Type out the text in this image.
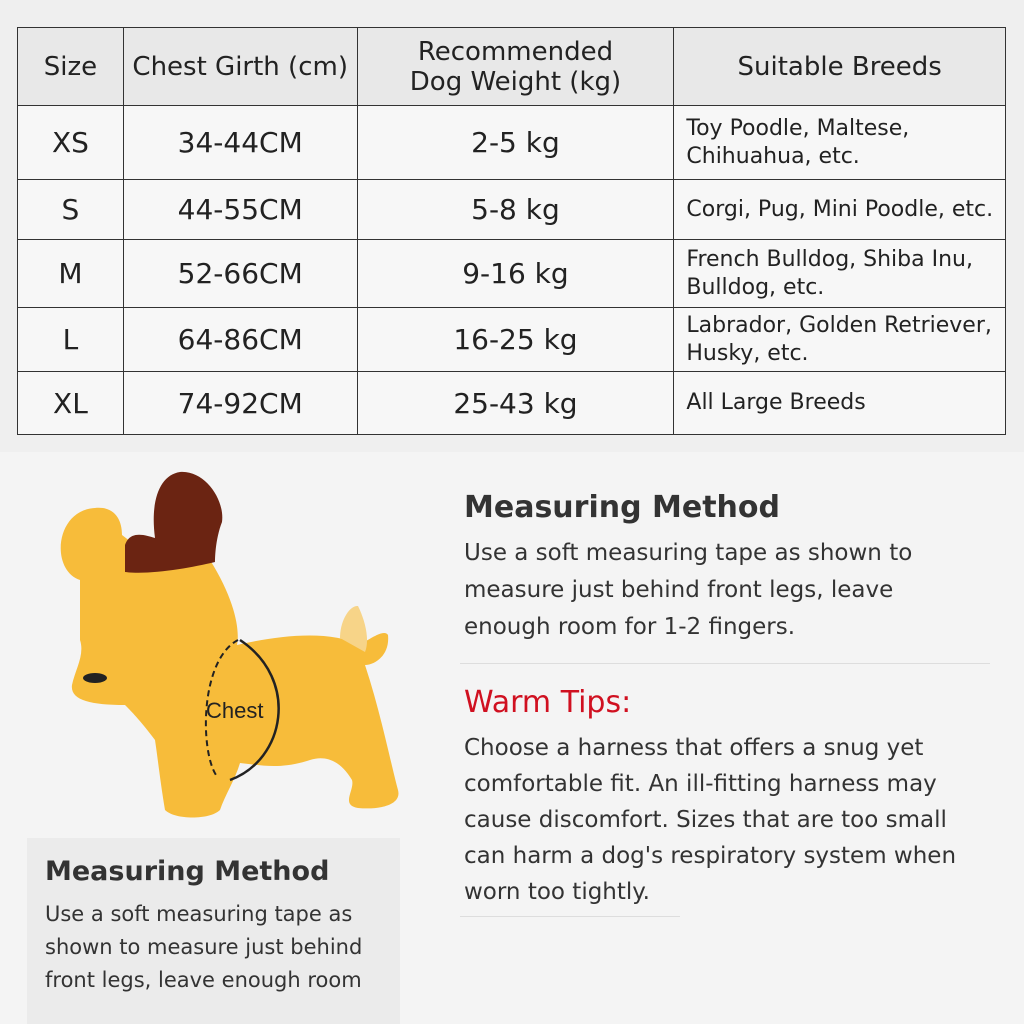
Size	Chest Girth (cm)	Recommended Dog Weight (kg)	Suitable Breeds
XS	34-44CM	2-5 kg	Toy Poodle, Maltese, Chihuahua, etc.
S	44-55CM	5-8 kg	Corgi, Pug, Mini Poodle, etc.
M	52-66CM	9-16 kg	French Bulldog, Shiba Inu, Bulldog, etc.
L	64-86CM	16-25 kg	Labrador, Golden Retriever, Husky, etc.
XL	74-92CM	25-43 kg	All Large Breeds
Chest
Measuring Method
Use a soft measuring tape as shown to measure just behind front legs, leave enough room for 1-2 fingers.
Warm Tips:
Choose a harness that offers a snug yet comfortable fit. An ill-fitting harness may cause discomfort. Sizes that are too small can harm a dog's respiratory system when worn too tightly.
Measuring Method
Use a soft measuring tape as shown to measure just behind front legs, leave enough room
